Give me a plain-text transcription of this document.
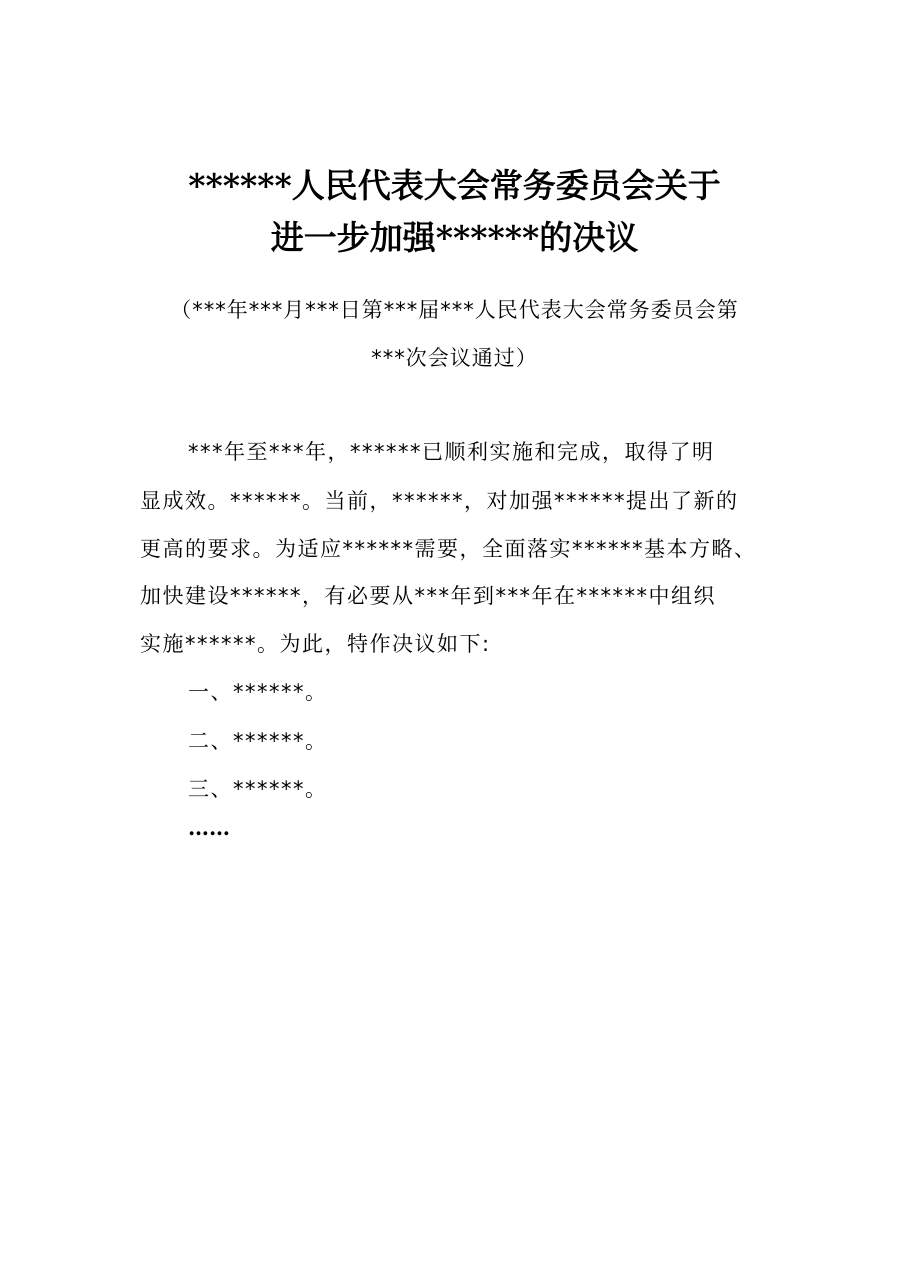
******人民代表大会常务委员会关于
进一步加强******的决议
（***年***月***日第***届***人民代表大会常务委员会第
***次会议通过）
***年至***年，******已顺利实施和完成，取得了明
显成效。******。当前，******，对加强******提出了新的
更高的要求。为适应******需要，全面落实******基本方略、
加快建设******，有必要从***年到***年在******中组织
实施******。为此，特作决议如下:
一、******。
二、******。
三、******。
……
